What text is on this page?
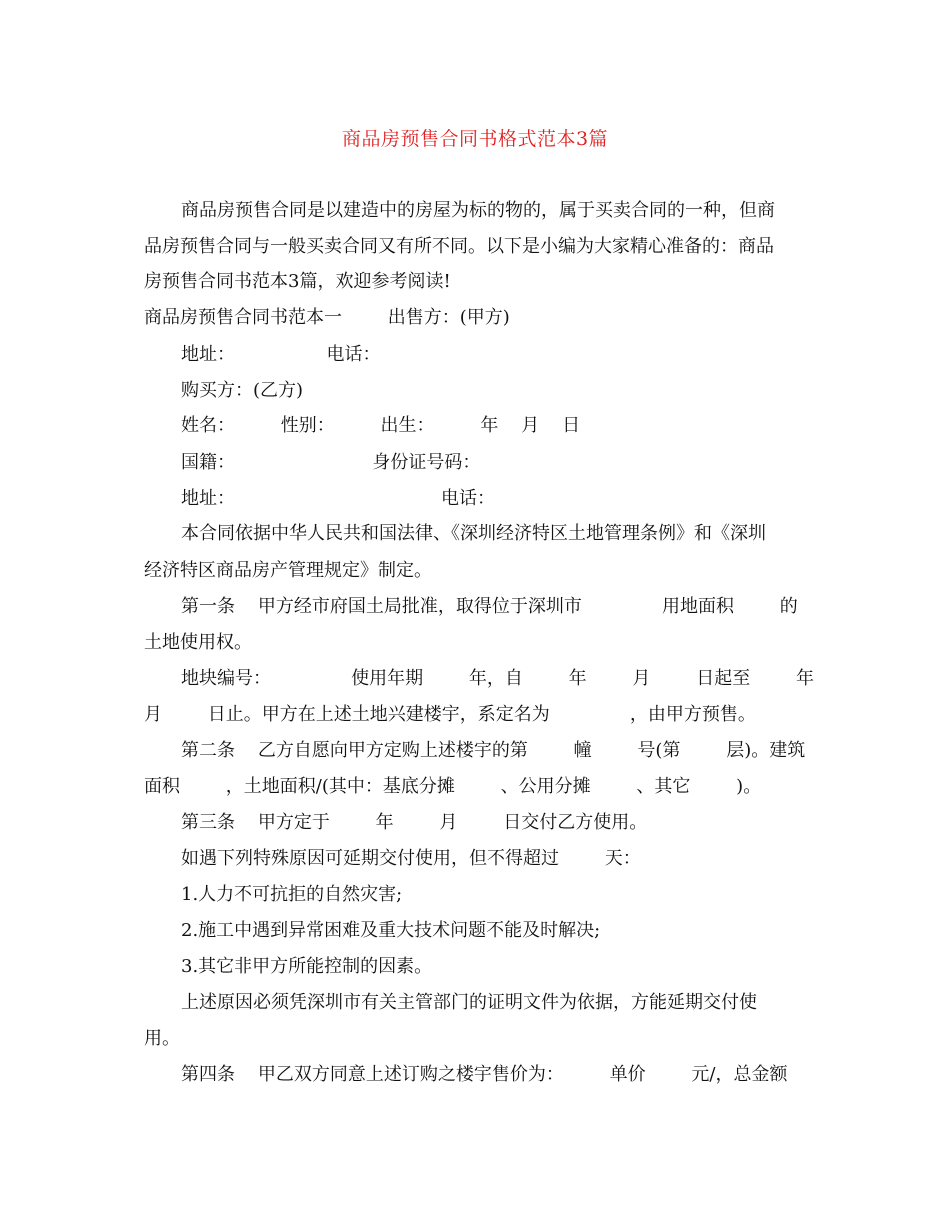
商品房预售合同书格式范本3篇
商品房预售合同是以建造中的房屋为标的物的，属于买卖合同的一种，但商
品房预售合同与一般买卖合同又有所不同。以下是小编为大家精心准备的：商品
房预售合同书范本3篇，欢迎参考阅读!
商品房预售合同书范本一        出售方：(甲方)
地址：                电话：
购买方：(乙方)
姓名：        性别：        出生：        年    月    日
国籍：                        身份证号码：
地址：                                    电话：
本合同依据中华人民共和国法律、《深圳经济特区土地管理条例》和《深圳
经济特区商品房产管理规定》制定。
第一条    甲方经市府国土局批准，取得位于深圳市              用地面积        的
土地使用权。
地块编号：              使用年期        年，自        年        月        日起至        年
月        日止。甲方在上述土地兴建楼宇，系定名为              ，由甲方预售。
第二条    乙方自愿向甲方定购上述楼宇的第        幢        号(第        层)。建筑
面积        ，土地面积/(其中：基底分摊        、公用分摊        、其它        )。
第三条    甲方定于        年        月        日交付乙方使用。
如遇下列特殊原因可延期交付使用，但不得超过        天：
1.人力不可抗拒的自然灾害;
2.施工中遇到异常困难及重大技术问题不能及时解决;
3.其它非甲方所能控制的因素。
上述原因必须凭深圳市有关主管部门的证明文件为依据，方能延期交付使
用。
第四条    甲乙双方同意上述订购之楼宇售价为：        单价        元/，总金额
